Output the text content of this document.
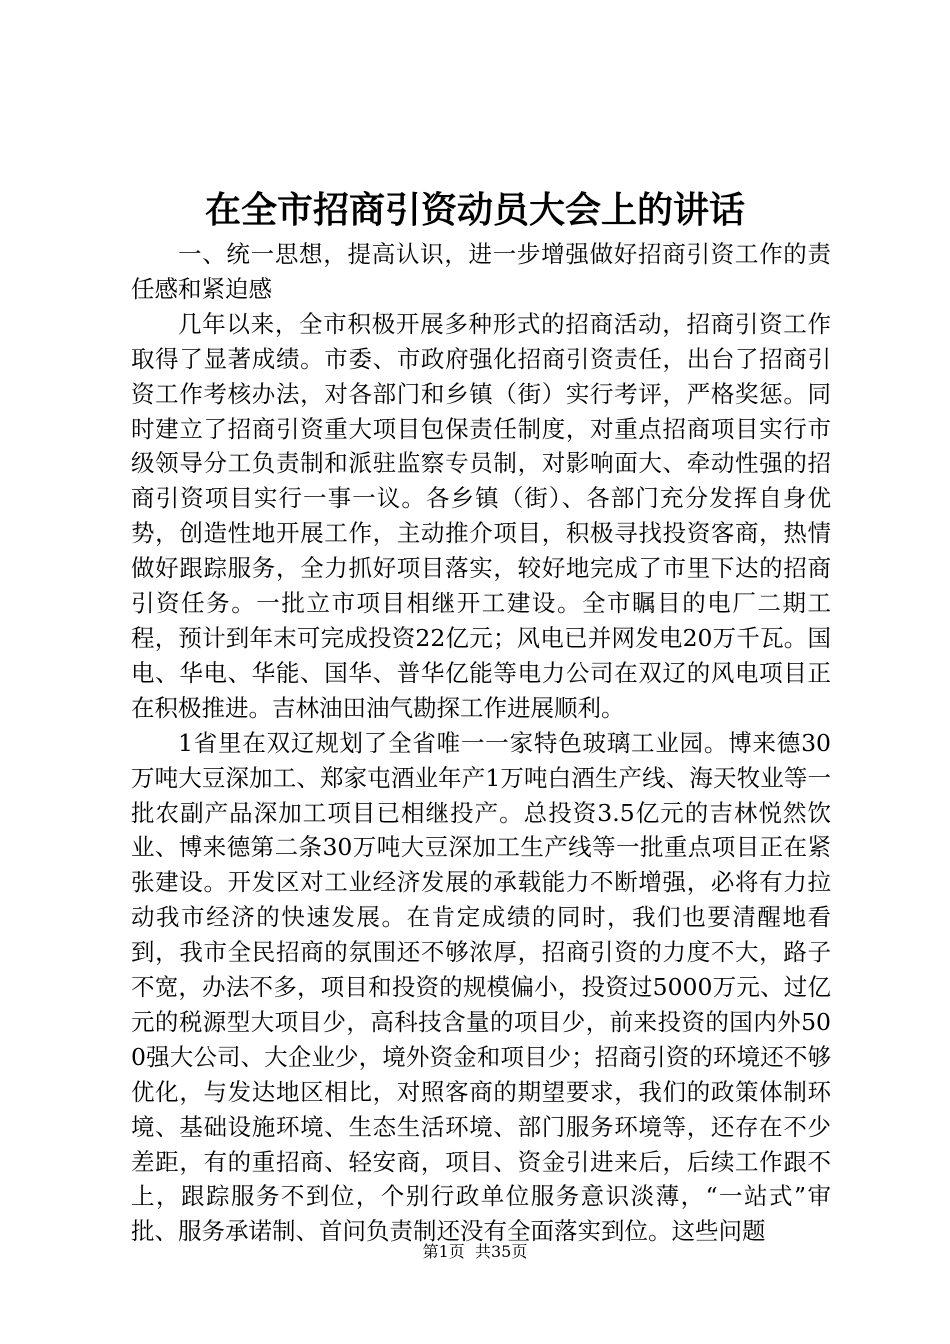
在全市招商引资动员大会上的讲话

一、统一思想，提高认识，进一步增强做好招商引资工作的责任感和紧迫感

几年以来，全市积极开展多种形式的招商活动，招商引资工作取得了显著成绩。市委、市政府强化招商引资责任，出台了招商引资工作考核办法，对各部门和乡镇（街）实行考评，严格奖惩。同时建立了招商引资重大项目包保责任制度，对重点招商项目实行市级领导分工负责制和派驻监察专员制，对影响面大、牵动性强的招商引资项目实行一事一议。各乡镇（街）、各部门充分发挥自身优势，创造性地开展工作，主动推介项目，积极寻找投资客商，热情做好跟踪服务，全力抓好项目落实，较好地完成了市里下达的招商引资任务。一批立市项目相继开工建设。全市瞩目的电厂二期工程，预计到年末可完成投资22亿元；风电已并网发电20万千瓦。国电、华电、华能、国华、普华亿能等电力公司在双辽的风电项目正在积极推进。吉林油田油气勘探工作进展顺利。

1省里在双辽规划了全省唯一一家特色玻璃工业园。博来德30万吨大豆深加工、郑家屯酒业年产1万吨白酒生产线、海天牧业等一批农副产品深加工项目已相继投产。总投资3.5亿元的吉林悦然饮业、博来德第二条30万吨大豆深加工生产线等一批重点项目正在紧张建设。开发区对工业经济发展的承载能力不断增强，必将有力拉动我市经济的快速发展。在肯定成绩的同时，我们也要清醒地看到，我市全民招商的氛围还不够浓厚，招商引资的力度不大，路子不宽，办法不多，项目和投资的规模偏小，投资过5000万元、过亿元的税源型大项目少，高科技含量的项目少，前来投资的国内外500强大公司、大企业少，境外资金和项目少；招商引资的环境还不够优化，与发达地区相比，对照客商的期望要求，我们的政策体制环境、基础设施环境、生态生活环境、部门服务环境等，还存在不少差距，有的重招商、轻安商，项目、资金引进来后，后续工作跟不上，跟踪服务不到位，个别行政单位服务意识淡薄，“一站式”审批、服务承诺制、首问负责制还没有全面落实到位。这些问题

第1页 共35页
